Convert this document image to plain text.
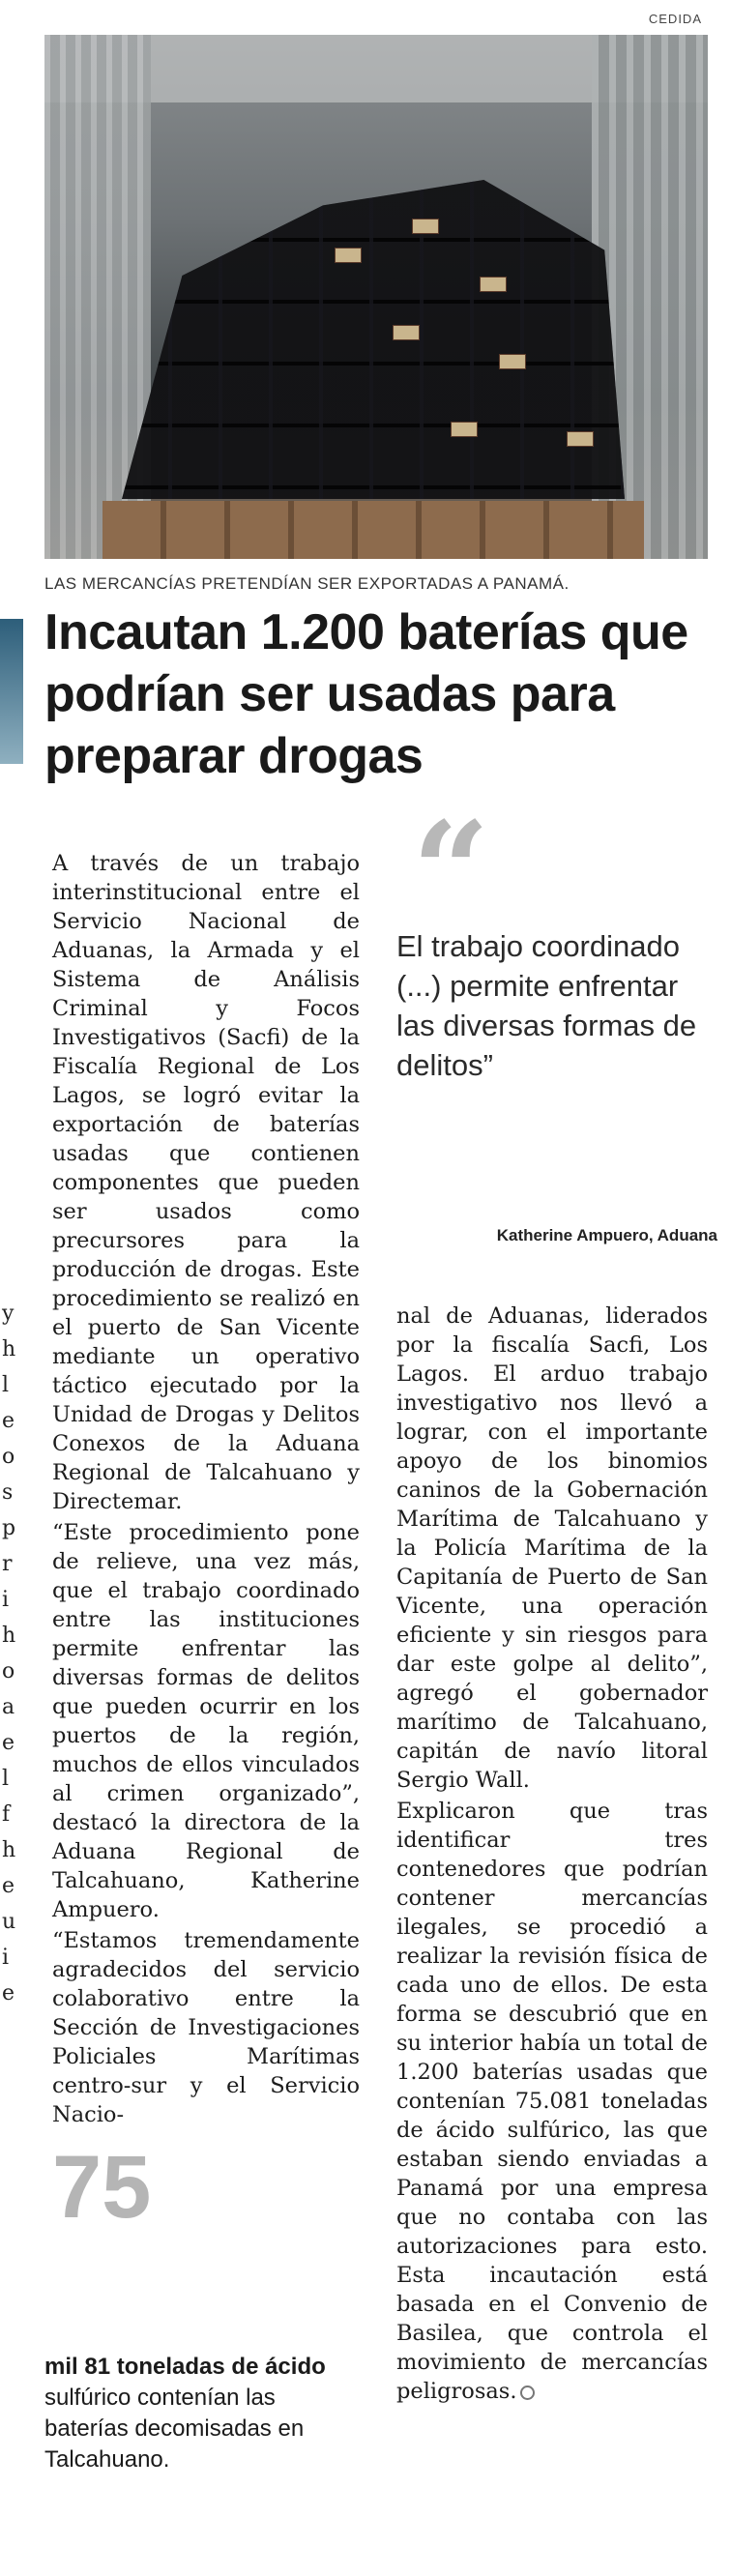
CEDIDA
LAS MERCANCÍAS PRETENDÍAN SER EXPORTADAS A PANAMÁ.
y h l e o s p r i h o a e l f h e u i e
Incautan 1.200 baterías que podrían ser usadas para preparar drogas

A través de un trabajo interinstitucional entre el Servicio Nacional de Aduanas, la Armada y el Sistema de Análisis Criminal y Focos Investigativos (Sacfi) de la Fiscalía Regional de Los Lagos, se logró evitar la exportación de baterías usadas que contienen componentes que pueden ser usados como precursores para la producción de drogas. Este procedimiento se realizó en el puerto de San Vicente mediante un operativo táctico ejecutado por la Unidad de Drogas y Delitos Conexos de la Aduana Regional de Talcahuano y Directemar.

“Este procedimiento pone de relieve, una vez más, que el trabajo coordinado entre las instituciones permite enfrentar las diversas formas de delitos que pueden ocurrir en los puertos de la región, muchos de ellos vinculados al crimen organizado”, destacó la directora de la Aduana Regional de Talcahuano, Katherine Ampuero.

“Estamos tremendamente agradecidos del servicio colaborativo entre la Sección de Investigaciones Policiales Marítimas centro-sur y el Servicio Nacio-

“
El trabajo coordinado (...) permite enfrentar las diversas formas de delitos”
Katherine Ampuero, Aduana

nal de Aduanas, liderados por la fiscalía Sacfi, Los Lagos. El arduo trabajo investigativo nos llevó a lograr, con el importante apoyo de los binomios caninos de la Gobernación Marítima de Talcahuano y la Policía Marítima de la Capitanía de Puerto de San Vicente, una operación eficiente y sin riesgos para dar este golpe al delito”, agregó el gobernador marítimo de Talcahuano, capitán de navío litoral Sergio Wall.

Explicaron que tras identificar tres contenedores que podrían contener mercancías ilegales, se procedió a realizar la revisión física de cada uno de ellos. De esta forma se descubrió que en su interior había un total de 1.200 baterías usadas que contenían 75.081 toneladas de ácido sulfúrico, las que estaban siendo enviadas a Panamá por una empresa que no contaba con las autorizaciones para esto. Esta incautación está basada en el Convenio de Basilea, que controla el movimiento de mercancías peligrosas.

75
mil 81 toneladas de ácido sulfúrico contenían las baterías decomisadas en Talcahuano.
